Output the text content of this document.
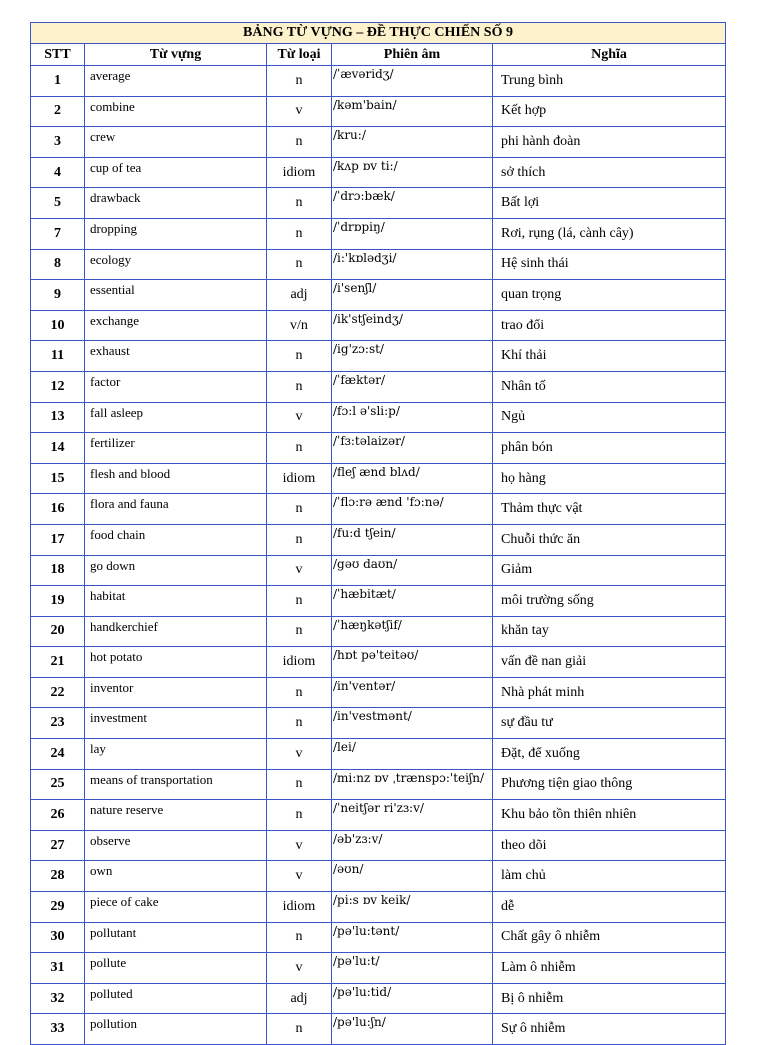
BẢNG TỪ VỰNG – ĐỀ THỰC CHIẾN SỐ 9				
STT	Từ vựng	Từ loại	Phiên âm	Nghĩa
1	average	n	/ˈævəridʒ/	Trung bình
2	combine	v	/kəm'bain/	Kết hợp
3	crew	n	/kru:/	phi hành đoàn
4	cup of tea	idiom	/kʌp ɒv ti:/	sở thích
5	drawback	n	/ˈdrɔ:bæk/	Bất lợi
7	dropping	n	/ˈdrɒpiŋ/	Rơi, rụng (lá, cành cây)
8	ecology	n	/i:'kɒlədʒi/	Hệ sinh thái
9	essential	adj	/i'senʃl/	quan trọng
10	exchange	v/n	/ik'stʃeindʒ/	trao đổi
11	exhaust	n	/ig'zɔ:st/	Khí thải
12	factor	n	/ˈfæktər/	Nhân tố
13	fall asleep	v	/fɔ:l ə'sli:p/	Ngủ
14	fertilizer	n	/ˈfɜ:təlaizər/	phân bón
15	flesh and blood	idiom	/fleʃ ænd blʌd/	họ hàng
16	flora and fauna	n	/ˈflɔ:rə ænd 'fɔ:nə/	Thảm thực vật
17	food chain	n	/fu:d tʃein/	Chuỗi thức ăn
18	go down	v	/gəʊ daʊn/	Giảm
19	habitat	n	/ˈhæbitæt/	môi trường sống
20	handkerchief	n	/ˈhæŋkətʃif/	khăn tay
21	hot potato	idiom	/hɒt pə'teitəʊ/	vấn đề nan giải
22	inventor	n	/in'ventər/	Nhà phát minh
23	investment	n	/in'vestmənt/	sự đầu tư
24	lay	v	/lei/	Đặt, để xuống
25	means of transportation	n	/mi:nz ɒv ˌtrænspɔ:'teiʃn/	Phương tiện giao thông
26	nature reserve	n	/ˈneitʃər ri'zɜ:v/	Khu bảo tồn thiên nhiên
27	observe	v	/əb'zɜ:v/	theo dõi
28	own	v	/əʊn/	làm chủ
29	piece of cake	idiom	/pi:s ɒv keik/	dễ
30	pollutant	n	/pə'lu:tənt/	Chất gây ô nhiễm
31	pollute	v	/pə'lu:t/	Làm ô nhiễm
32	polluted	adj	/pə'lu:tid/	Bị ô nhiễm
33	pollution	n	/pə'lu:ʃn/	Sự ô nhiễm
